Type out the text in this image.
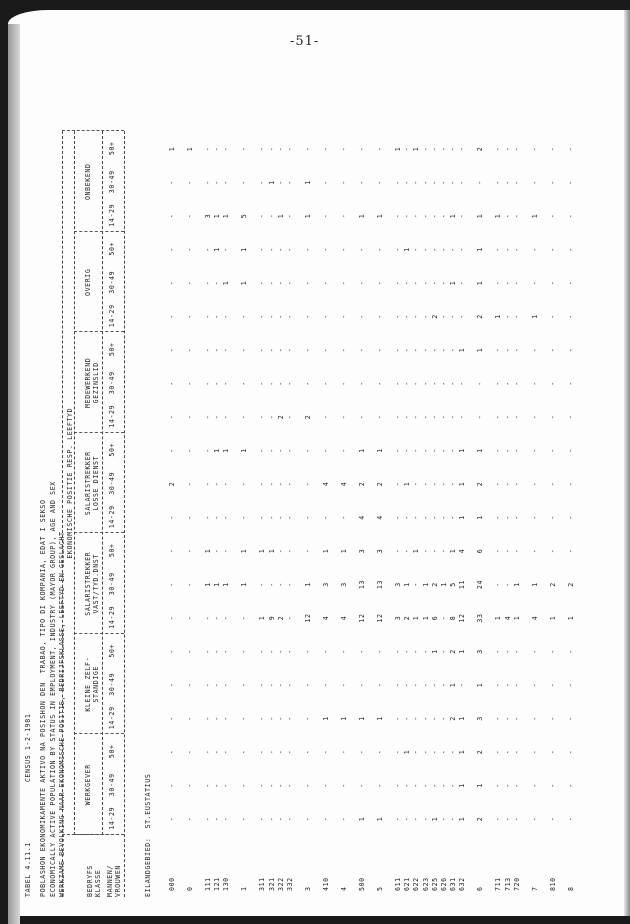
-51-
TABEL 4.11.1CENSUS 1-2-1981 POBLASHON EKONOMIKAMENTE AKTIVO NA POSISHON DEN  TRABAO, TIPO DI KOMPANIA, EDAT I SEKSO ECONOMICALLY ACTIVE POPULATION BY STATUS IN EMPLOYMENT, INDUSTRY (MAYOR GROUP), AGE AND SEX WERKZAME BEVOLKING NAAR EKONOMISCHE POSITIE, BEDRIJFSKLASSE, LEEFTYD EN GESLACHT
EKONOMISCHE POSITIE RESP. LEEFTYD
BEDRYFS
KLASSE MANNEN/
VROUWEN
WERKGEVER
KLEINE ZELF-
STANDIGE
SALARISTREKKER
VAST/TYD.DNST
SALARISTREKKER
LOSSE DIENST
MEDEWERKEND
GEZINSLID
OVERIG
ONBEKEND
14-29
30-49
50+
14-29
30-49
50+
14-29
30-49
50+
14-29
30-49
50+
14-29
30-49
50+
14-29
30-49
50+
14-29
30-49
50+
EILANDGEBIED:  ST.EUSTATIUS 000
-
-
-
-
-
-
-
-
-
-
2
-
-
-
-
-
-
-
-
-
1
0
-
-
-
-
-
-
-
-
-
-
-
-
-
-
-
-
-
-
-
-
1
111
-
-
-
-
-
-
-
1
1
-
-
-
-
-
-
-
-
-
3
-
-
121
-
-
-
-
-
-
-
1
-
-
-
1
-
-
-
-
-
1
1
-
-
130
-
-
-
-
-
-
-
1
-
-
-
1
-
-
-
-
1
-
1
-
-
1
-
-
-
-
-
-
-
1
1
-
-
1
-
-
-
-
1
1
5
-
-
311
-
-
-
-
-
-
1
-
1
-
-
-
-
-
-
-
-
-
-
-
-
321
-
-
-
-
-
-
9
-
1
-
-
-
-
-
-
-
-
-
-
1
-
322
-
-
-
-
-
-
2
-
-
-
-
-
2
-
-
-
-
-
1
-
-
332
-
-
-
-
-
-
-
-
-
-
-
-
-
-
-
-
-
-
-
-
-
3
-
-
-
-
-
-
12
1
-
-
-
-
2
-
-
-
-
-
1
1
-
410
-
-
-
1
-
-
4
3
1
-
4
-
-
-
-
-
-
-
-
-
-
4
-
-
-
1
-
-
4
3
1
-
4
-
-
-
-
-
-
-
-
-
-
500
1
-
-
1
-
-
12
13
3
4
2
1
-
-
-
-
-
-
1
-
-
5
1
-
-
1
-
-
12
13
3
4
2
1
-
-
-
-
-
-
1
-
-
611
-
-
-
-
-
-
3
3
-
-
-
-
-
-
-
-
-
-
-
-
1
621
-
-
1
-
-
-
2
1
-
-
1
-
-
-
-
-
-
1
-
-
-
622
-
-
-
-
-
-
1
-
1
-
-
-
-
-
-
-
-
-
-
-
1
623
-
-
-
-
-
-
1
1
-
-
-
-
-
-
-
-
-
-
-
-
-
625
1
-
-
-
-
1
6
2
-
-
-
-
-
-
-
2
-
-
-
-
-
626
-
-
-
-
-
-
-
1
-
-
-
-
-
-
-
-
-
-
-
-
-
631
-
-
-
2
1
2
8
5
1
-
-
-
-
-
-
-
1
-
1
-
-
632
1
1
1
1
-
1
12
11
4
1
1
1
-
-
1
-
-
-
-
-
-
6
2
1
2
3
1
3
33
24
6
1
2
1
-
-
1
2
1
1
1
-
2
711
-
-
-
-
-
-
1
-
-
-
-
-
-
-
-
1
-
-
1
-
-
713
-
-
-
-
-
-
4
-
-
-
-
-
-
-
-
-
-
-
-
-
-
720
-
-
-
-
-
-
1
1
-
-
-
-
-
-
-
-
-
-
-
-
-
7
-
-
-
-
-
-
4
1
-
-
-
-
-
-
-
1
-
-
1
-
-
810
-
-
-
-
-
-
1
2
-
-
-
-
-
-
-
-
-
-
-
-
-
8
-
-
-
-
-
-
1
2
-
-
-
-
-
-
-
-
-
-
-
-
-
